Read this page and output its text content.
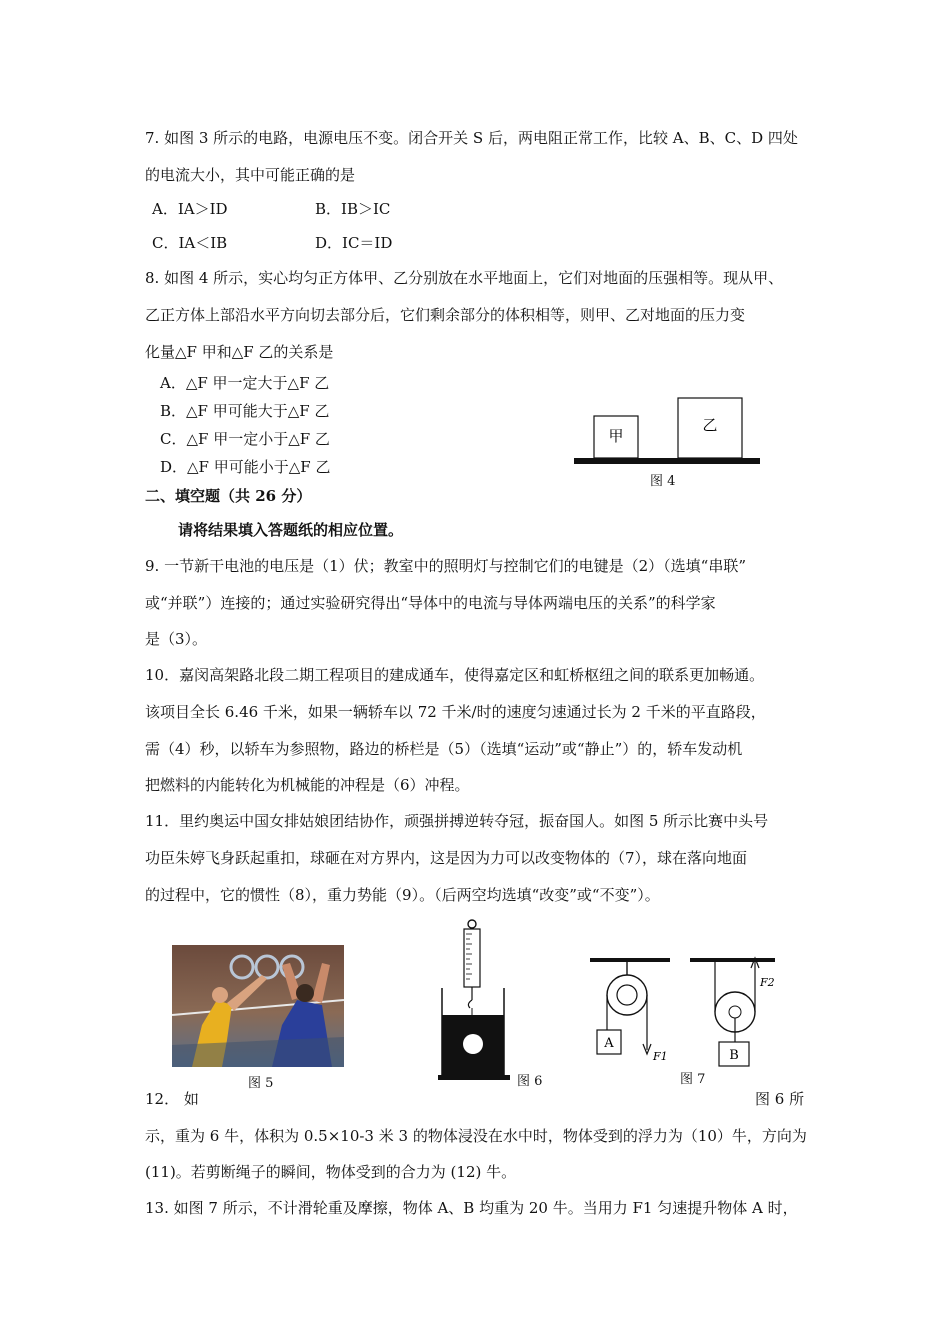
7. 如图 3 所示的电路，电源电压不变。闭合开关 S 后，两电阻正常工作，比较 A、B、C、D 四处
的电流大小，其中可能正确的是
A．IA＞ID	B．IB＞IC
C．IA＜IB	D．IC＝ID
8. 如图 4 所示，实心均匀正方体甲、乙分别放在水平地面上，它们对地面的压强相等。现从甲、
乙正方体上部沿水平方向切去部分后，它们剩余部分的体积相等，则甲、乙对地面的压力变
化量△F 甲和△F 乙的关系是
A．△F 甲一定大于△F 乙
B．△F 甲可能大于△F 乙
C．△F 甲一定小于△F 乙
D．△F 甲可能小于△F 乙
甲
乙
图 4
二、填空题（共 26 分）
请将结果填入答题纸的相应位置。
9. 一节新干电池的电压是（1）伏；教室中的照明灯与控制它们的电键是（2）（选填“串联”
或“并联”）连接的；通过实验研究得出“导体中的电流与导体两端电压的关系”的科学家
是（3）。
10．嘉闵高架路北段二期工程项目的建成通车，使得嘉定区和虹桥枢纽之间的联系更加畅通。
该项目全长 6.46 千米，如果一辆轿车以 72 千米/时的速度匀速通过长为 2 千米的平直路段，
需（4）秒，以轿车为参照物，路边的桥栏是（5）（选填“运动”或“静止”）的，轿车发动机
把燃料的内能转化为机械能的冲程是（6）冲程。
11．里约奥运中国女排姑娘团结协作，顽强拼搏逆转夺冠，振奋国人。如图 5 所示比赛中头号
功臣朱婷飞身跃起重扣，球砸在对方界内，这是因为力可以改变物体的（7），球在落向地面
的过程中，它的惯性（8），重力势能（9）。（后两空均选填“改变”或“不变”）。
图 5	图 6
A
F1	B
F2
图 7
12． 如	图 6 所
示，重为 6 牛，体积为 0.5×10-3 米 3 的物体浸没在水中时，物体受到的浮力为（10）牛，方向为
(11)。若剪断绳子的瞬间，物体受到的合力为 (12) 牛。
13. 如图 7 所示，不计滑轮重及摩擦，物体 A、B 均重为 20 牛。当用力 F1 匀速提升物体 A 时，
